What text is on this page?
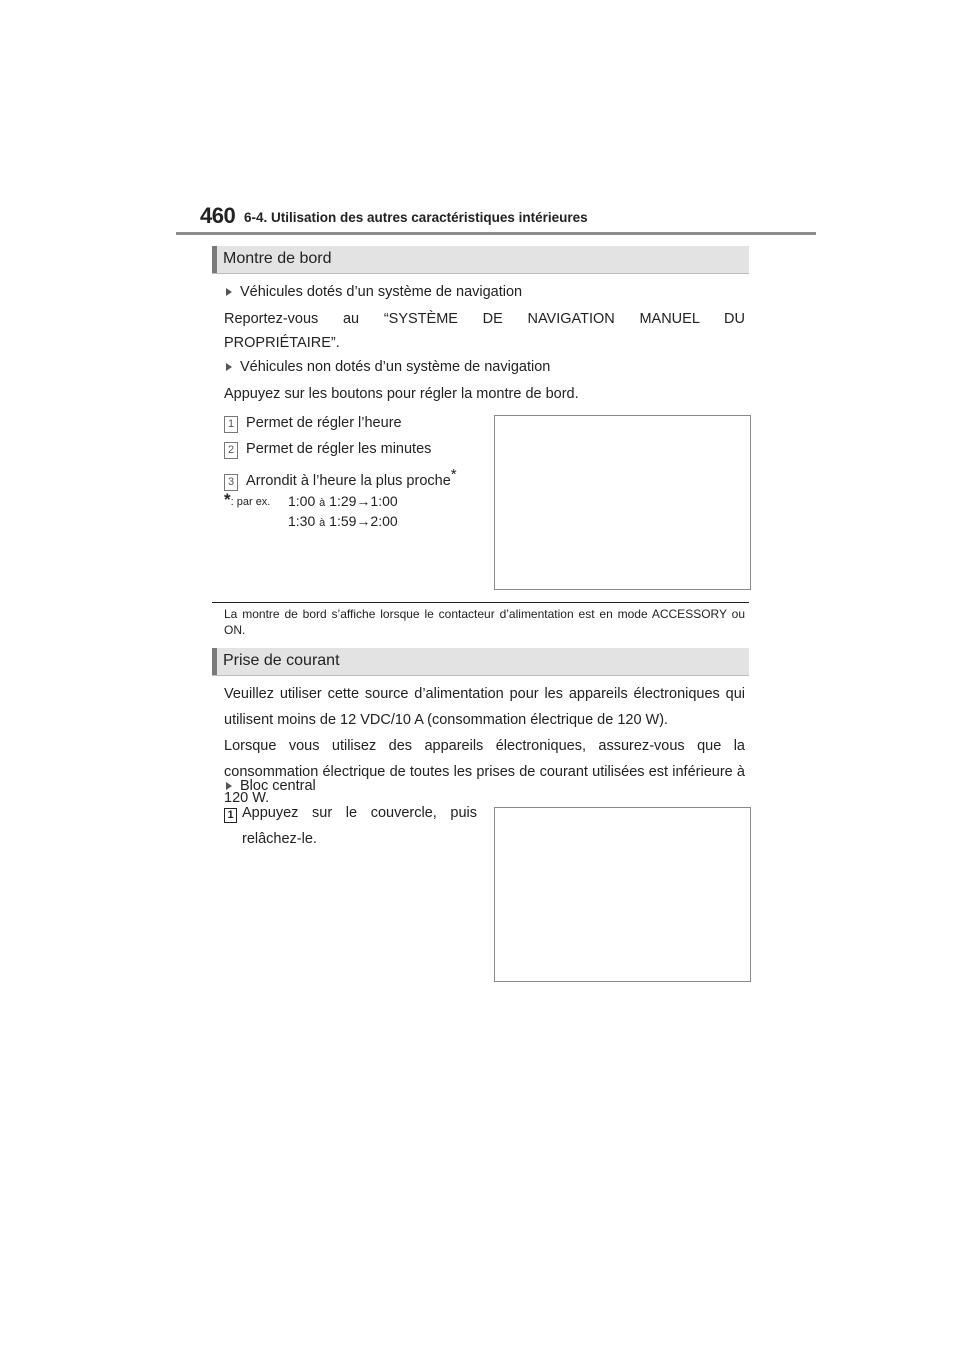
460 6-4. Utilisation des autres caractéristiques intérieures
Montre de bord
Véhicules dotés d’un système de navigation
Reportez-vous au “SYSTÈME DE NAVIGATION MANUEL DU
PROPRIÉTAIRE”.
Véhicules non dotés d’un système de navigation
Appuyez sur les boutons pour régler la montre de bord.
1 Permet de régler l’heure
2 Permet de régler les minutes
3 Arrondit à l’heure la plus proche*
*: par ex. 1:00 à 1:29→1:00
1:30 à 1:59→2:00
La montre de bord s’affiche lorsque le contacteur d’alimentation est en mode ACCESSORY ou ON.
Prise de courant
Veuillez utiliser cette source d’alimentation pour les appareils électroniques qui utilisent moins de 12 VDC/10 A (consommation électrique de 120 W).
Lorsque vous utilisez des appareils électroniques, assurez-vous que la consommation électrique de toutes les prises de courant utilisées est inférieure à 120 W.
Bloc central
1 Appuyez sur le couvercle, puis relâchez-le.
